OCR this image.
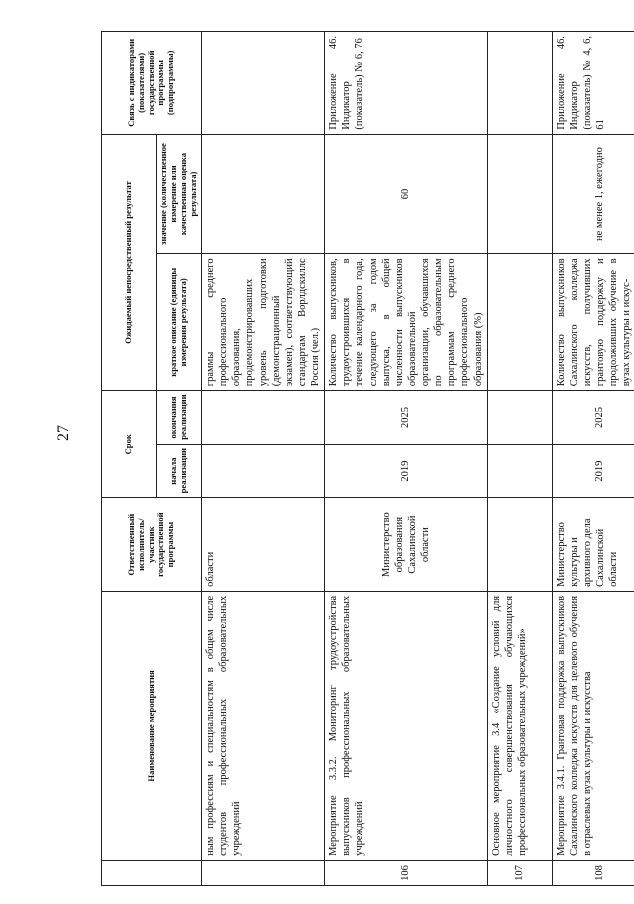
27
	Наименование мероприятия	Ответственный исполнитель/участник государственной программы	Срок		Ожидаемый непосредственный результат		Связь с индикаторами (показателями) государственной программы (подпрограммы)
			начала реализации	окончания реализации	краткое описание (единицы измерения результата)	значение (количественное измерение или качественная оценка результата)	
	ным профессиям и специальностям в общем числе студентов профессиональных образовательных учреждений	области			граммы среднего профессионального образования, продемонстрировавших уровень подготовки (демонстрационный экзамен), соответствующий стандартам Ворлдскиллс Россия (чел.)		
106	Мероприятие 3.3.2. Мониторинг трудоустройства выпускников профессиональных образовательных учреждений	Министерство образования Сахалинской области	2019	2025	Количество выпускников, трудоустроившихся в течение календарного года, следующего за годом выпуска, в общей численности выпускников образовательной организации, обучавшихся по образовательным программам среднего профессионального образования (%)	60	Приложение 46. Индикатор (показатель) № 6, 76
107	Основное мероприятие 3.4 «Создание условий для личностного совершенствования обучающихся профессиональных образовательных учреждений»						
108	Мероприятие 3.4.1. Грантовая поддержка выпускников Сахалинского колледжа искусств для целевого обучения в отраслевых вузах культуры и искусства	Министерство культуры и архивного дела Сахалинской области	2019	2025	Количество выпускников Сахалинского колледжа искусств, получивших грантовую поддержку и продолживших обучение в вузах культуры и искус-	не менее 1, ежегодно	Приложение 46. Индикатор (показатель) № 4, 6, 61
